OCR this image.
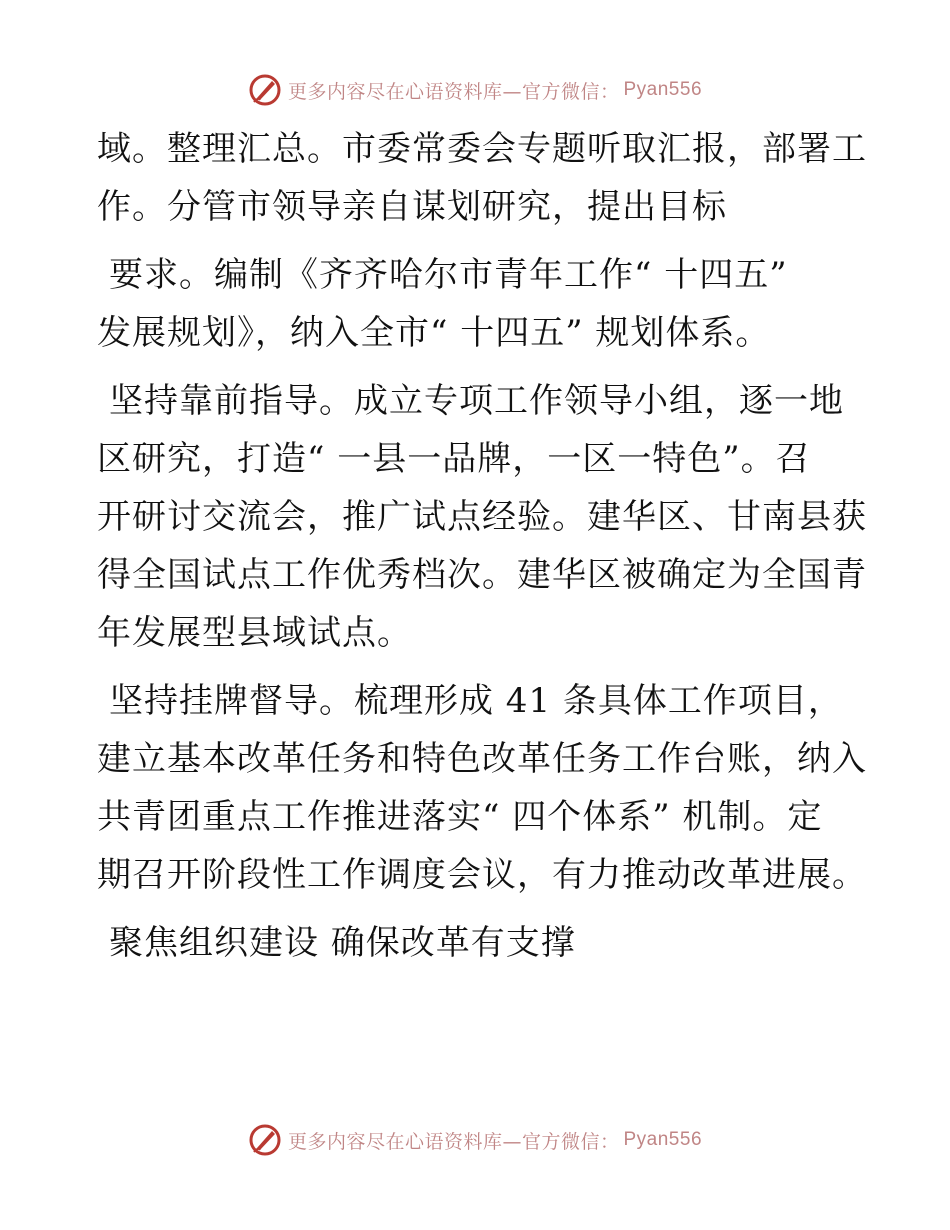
更多内容尽在心语资料库—官方微信： Pyan556
域。整理汇总。市委常委会专题听取汇报，部署工
作。分管市领导亲自谋划研究，提出目标
要求。编制《齐齐哈尔市青年工作“ 十四五”
发展规划》，纳入全市“ 十四五” 规划体系。
坚持靠前指导。成立专项工作领导小组，逐一地
区研究，打造“ 一县一品牌，一区一特色”。召
开研讨交流会，推广试点经验。建华区、甘南县获
得全国试点工作优秀档次。建华区被确定为全国青
年发展型县域试点。
坚持挂牌督导。梳理形成 41 条具体工作项目，
建立基本改革任务和特色改革任务工作台账，纳入
共青团重点工作推进落实“ 四个体系” 机制。定
期召开阶段性工作调度会议，有力推动改革进展。
聚焦组织建设 确保改革有支撑
更多内容尽在心语资料库—官方微信： Pyan556
